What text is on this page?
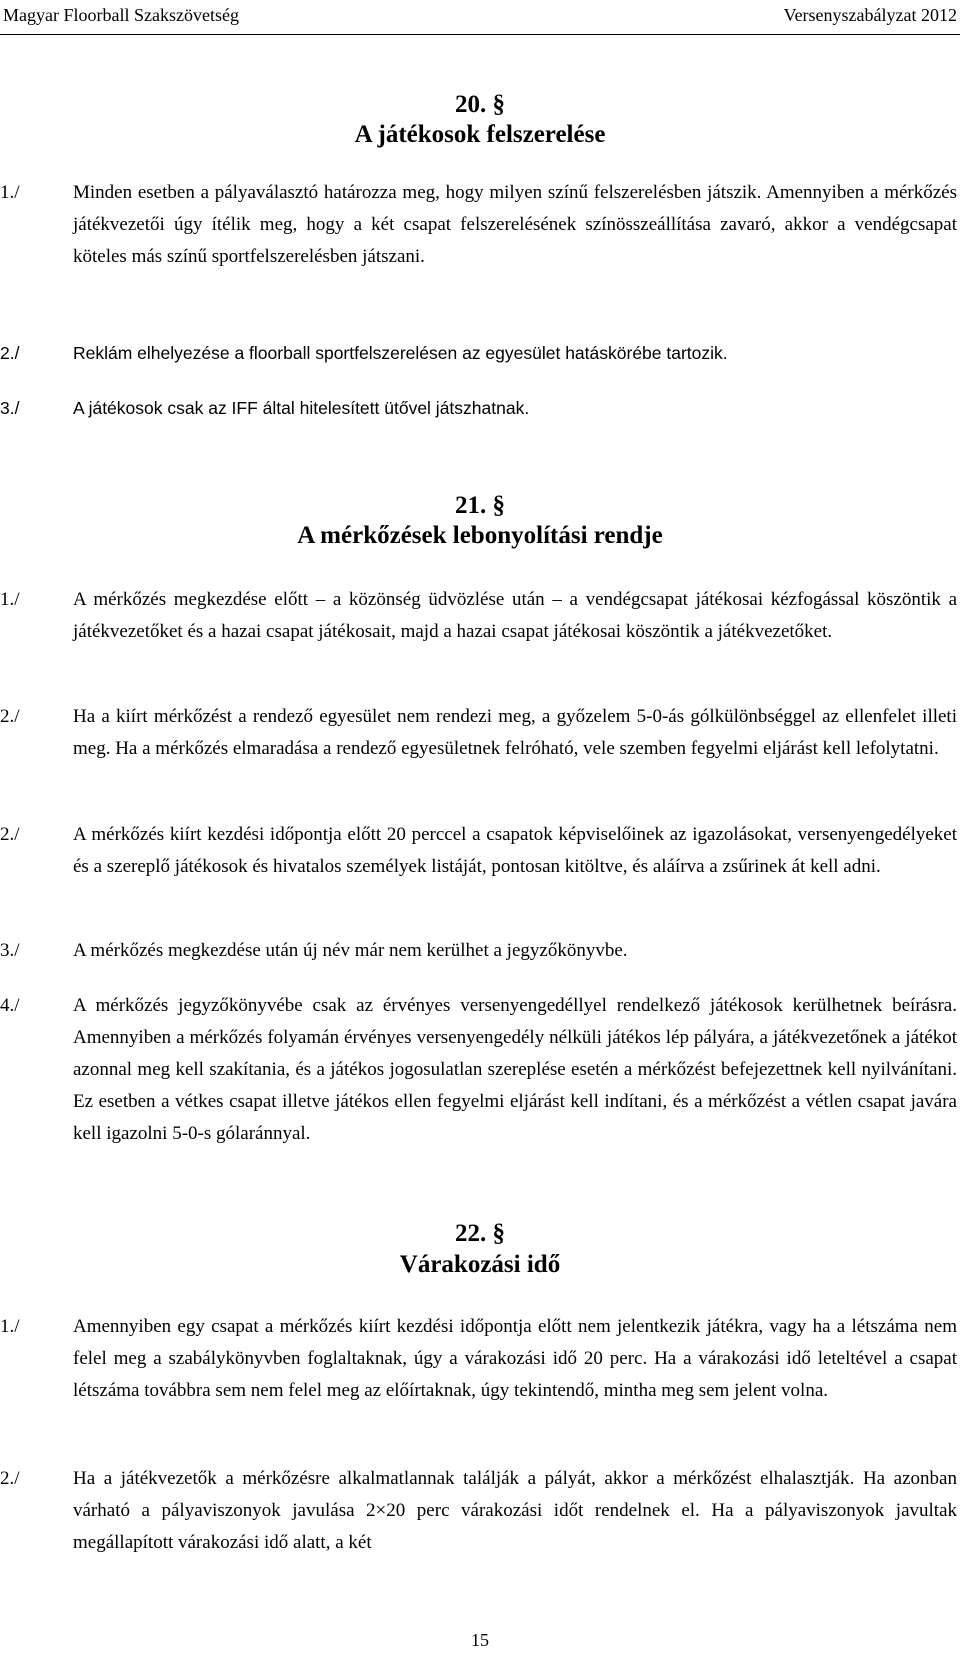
Magyar Floorball Szakszövetség	Versenyszabályzat 2012
20. §
A játékosok felszerelése
1./	Minden esetben a pályaválasztó határozza meg, hogy milyen színű felszerelésben játszik. Amennyiben a mérkőzés játékvezetői úgy ítélik meg, hogy a két csapat felszerelésének színösszeállítása zavaró, akkor a vendégcsapat köteles más színű sportfelszerelésben játszani.
2./	Reklám elhelyezése a floorball sportfelszerelésen az egyesület hatáskörébe tartozik.
3./	A játékosok csak az IFF által hitelesített ütővel játszhatnak.
21. §
A mérkőzések lebonyolítási rendje
1./	A mérkőzés megkezdése előtt – a közönség üdvözlése után – a vendégcsapat játékosai kézfogással köszöntik a játékvezetőket és a hazai csapat játékosait, majd a hazai csapat játékosai köszöntik a játékvezetőket.
2./	Ha a kiírt mérkőzést a rendező egyesület nem rendezi meg, a győzelem 5-0-ás gólkülönbséggel az ellenfelet illeti meg. Ha a mérkőzés elmaradása a rendező egyesületnek felróható, vele szemben fegyelmi eljárást kell lefolytatni.
2./	A mérkőzés kiírt kezdési időpontja előtt 20 perccel a csapatok képviselőinek az igazolásokat, versenyengedélyeket és a szereplő játékosok és hivatalos személyek listáját, pontosan kitöltve, és aláírva a zsűrinek át kell adni.
3./	A mérkőzés megkezdése után új név már nem kerülhet a jegyzőkönyvbe.
4./	A mérkőzés jegyzőkönyvébe csak az érvényes versenyengedéllyel rendelkező játékosok kerülhetnek beírásra. Amennyiben a mérkőzés folyamán érvényes versenyengedély nélküli játékos lép pályára, a játékvezetőnek a játékot azonnal meg kell szakítania, és a játékos jogosulatlan szereplése esetén a mérkőzést befejezettnek kell nyilvánítani. Ez esetben a vétkes csapat illetve játékos ellen fegyelmi eljárást kell indítani, és a mérkőzést a vétlen csapat javára kell igazolni 5-0-s gólaránnyal.
22. §
Várakozási idő
1./	Amennyiben egy csapat a mérkőzés kiírt kezdési időpontja előtt nem jelentkezik játékra, vagy ha a létszáma nem felel meg a szabálykönyvben foglaltaknak, úgy a várakozási idő 20 perc. Ha a várakozási idő leteltével a csapat létszáma továbbra sem nem felel meg az előírtaknak, úgy tekintendő, mintha meg sem jelent volna.
2./	Ha a játékvezetők a mérkőzésre alkalmatlannak találják a pályát, akkor a mérkőzést elhalasztják. Ha azonban várható a pályaviszonyok javulása 2×20 perc várakozási időt rendelnek el. Ha a pályaviszonyok javultak megállapított várakozási idő alatt, a két
15
